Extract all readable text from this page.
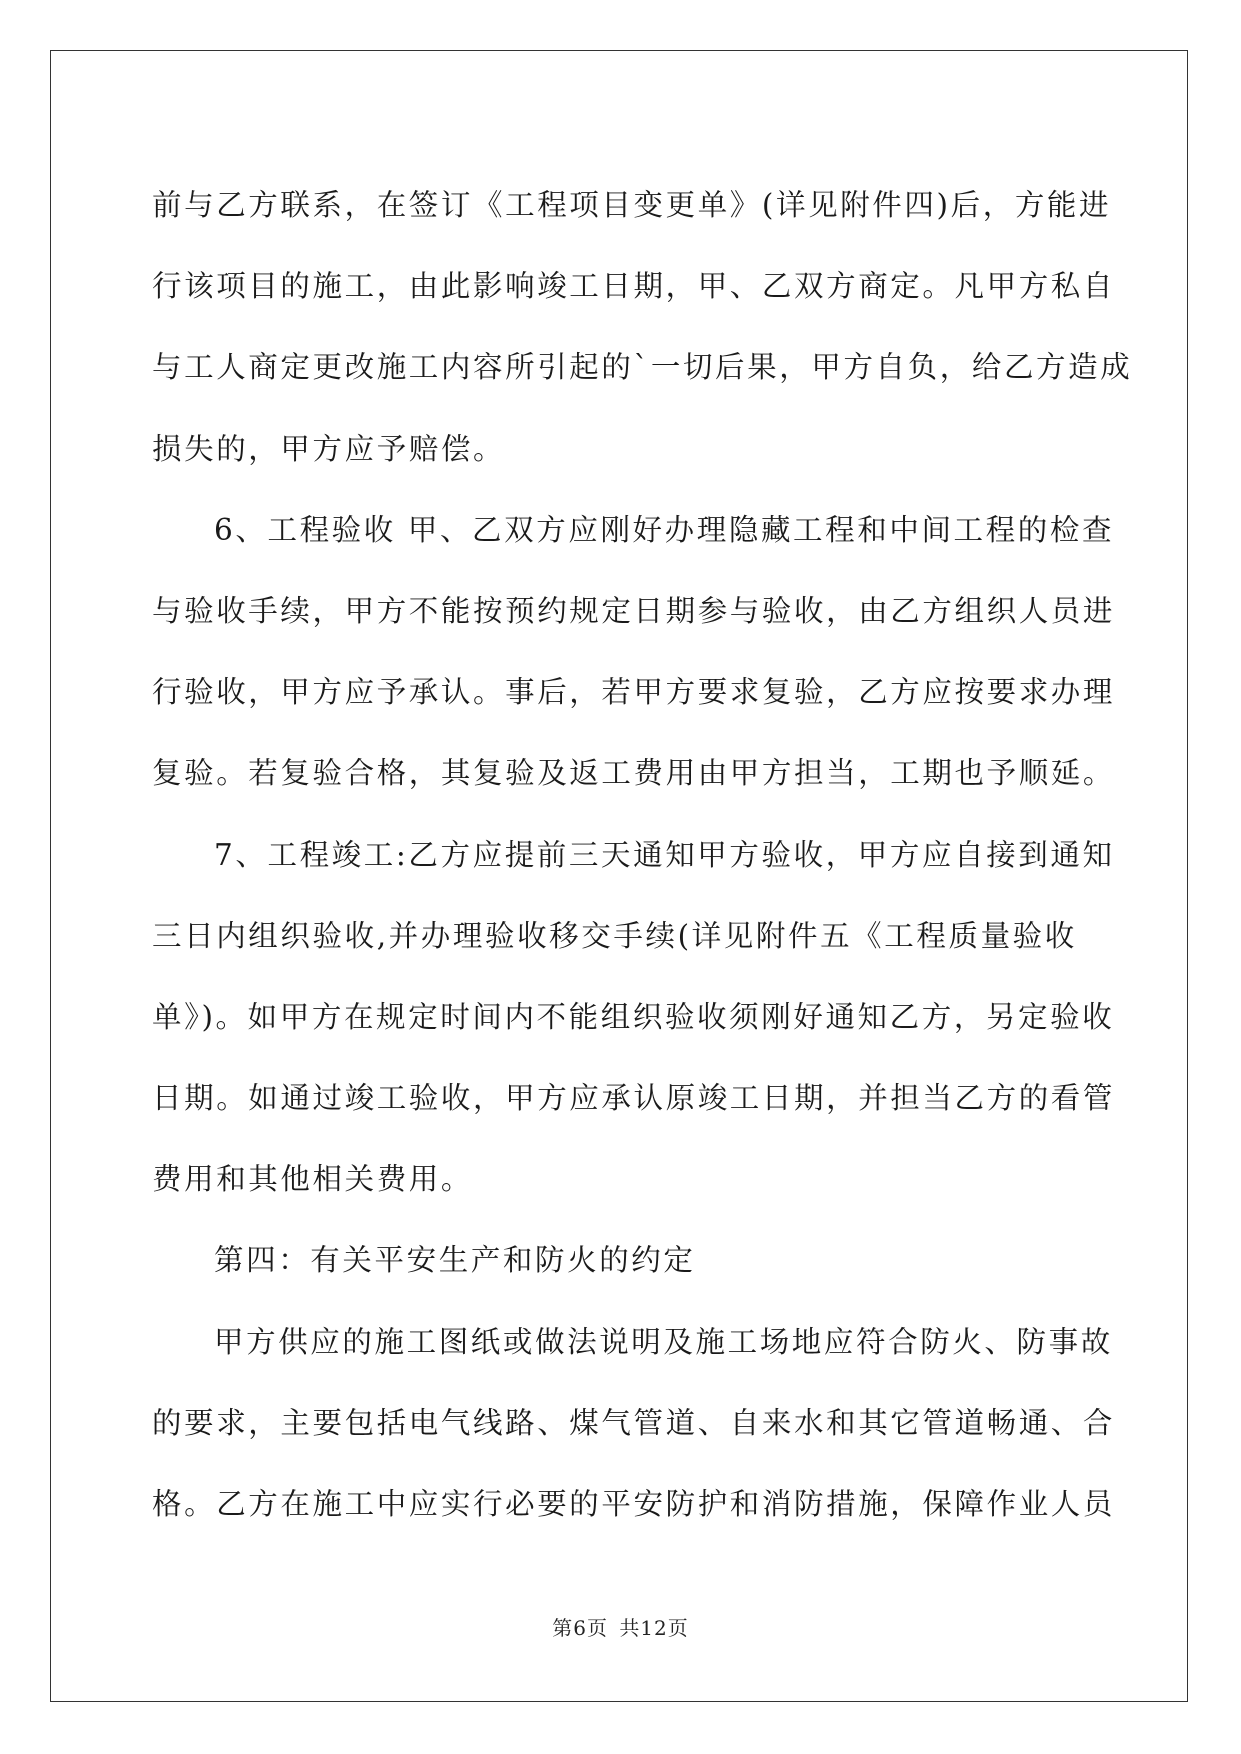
前与乙方联系，在签订《工程项目变更单》(详见附件四)后，方能进
行该项目的施工，由此影响竣工日期，甲、乙双方商定。凡甲方私自
与工人商定更改施工内容所引起的`一切后果，甲方自负，给乙方造成
损失的，甲方应予赔偿。

6、工程验收 甲、乙双方应刚好办理隐藏工程和中间工程的检查
与验收手续，甲方不能按预约规定日期参与验收，由乙方组织人员进
行验收，甲方应予承认。事后，若甲方要求复验，乙方应按要求办理
复验。若复验合格，其复验及返工费用由甲方担当，工期也予顺延。

7、工程竣工:乙方应提前三天通知甲方验收，甲方应自接到通知
三日内组织验收,并办理验收移交手续(详见附件五《工程质量验收
单》)。如甲方在规定时间内不能组织验收须刚好通知乙方，另定验收
日期。如通过竣工验收，甲方应承认原竣工日期，并担当乙方的看管
费用和其他相关费用。

第四：有关平安生产和防火的约定

甲方供应的施工图纸或做法说明及施工场地应符合防火、防事故
的要求，主要包括电气线路、煤气管道、自来水和其它管道畅通、合
格。乙方在施工中应实行必要的平安防护和消防措施，保障作业人员

第6页 共12页
